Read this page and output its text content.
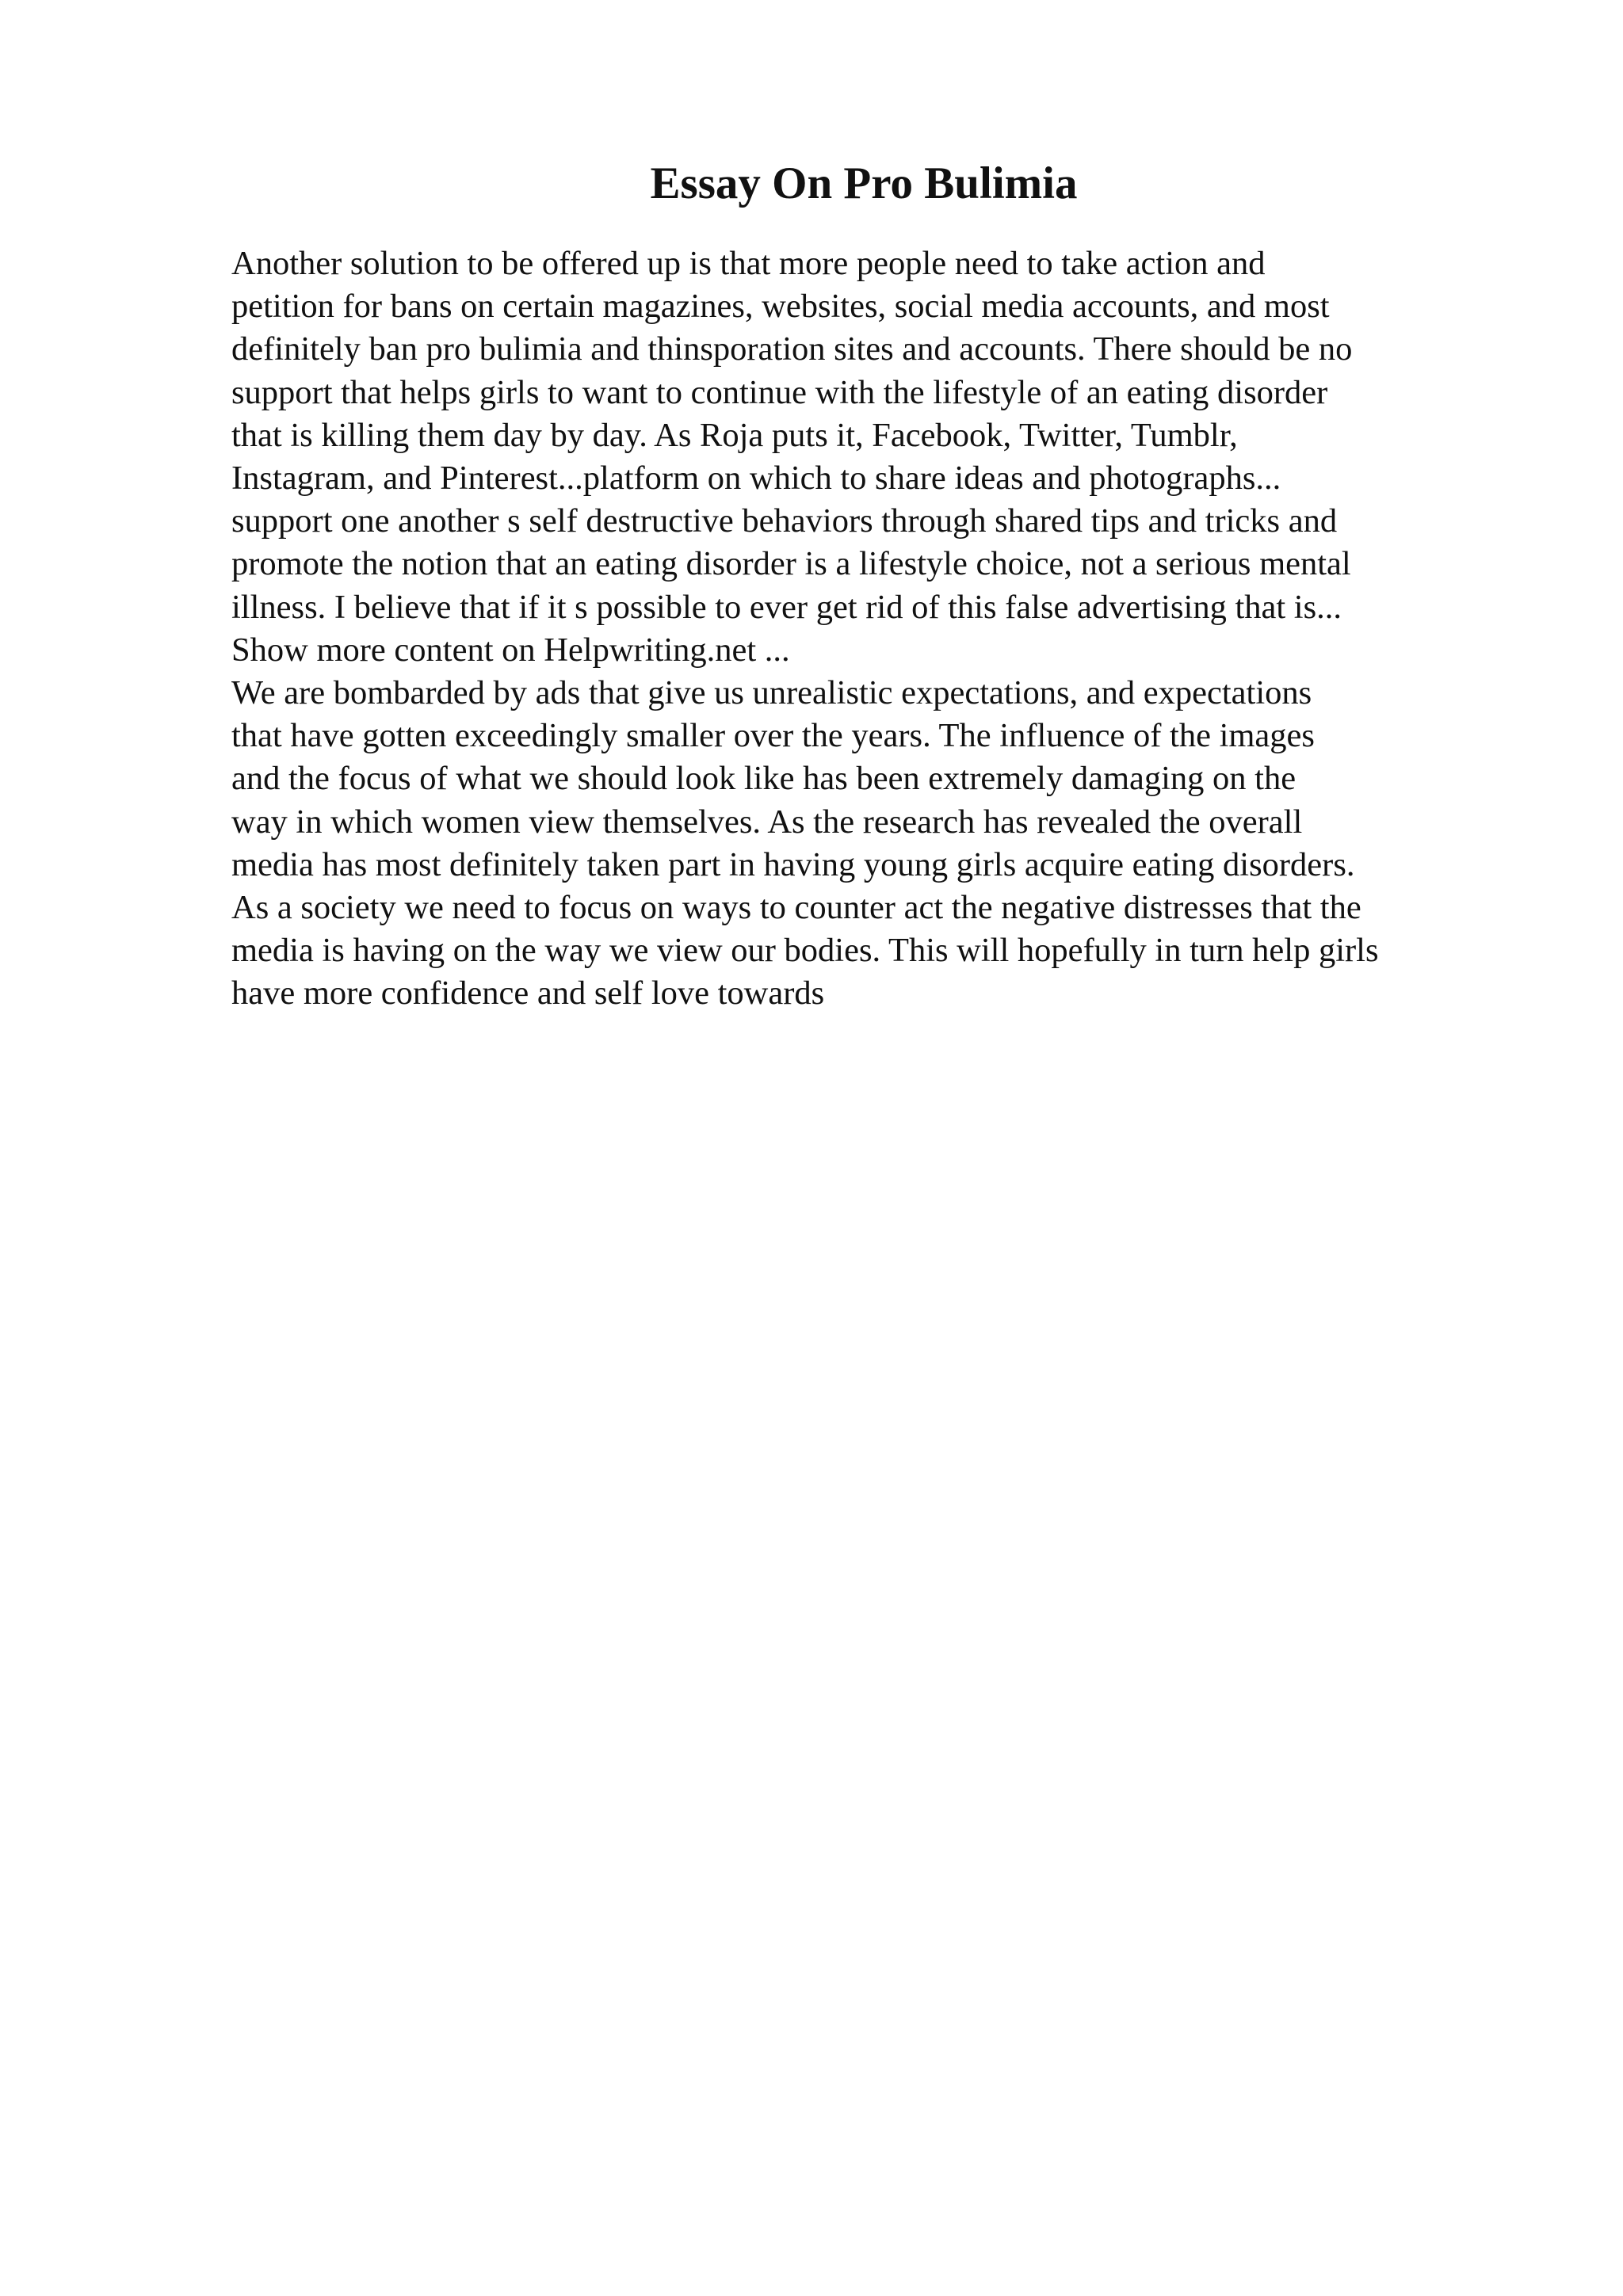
Essay On Pro Bulimia
Another solution to be offered up is that more people need to take action and
petition for bans on certain magazines, websites, social media accounts, and most
definitely ban pro bulimia and thinsporation sites and accounts. There should be no
support that helps girls to want to continue with the lifestyle of an eating disorder
that is killing them day by day. As Roja puts it, Facebook, Twitter, Tumblr,
Instagram, and Pinterest...platform on which to share ideas and photographs...
support one another s self destructive behaviors through shared tips and tricks and
promote the notion that an eating disorder is a lifestyle choice, not a serious mental
illness. I believe that if it s possible to ever get rid of this false advertising that is...
Show more content on Helpwriting.net ...
We are bombarded by ads that give us unrealistic expectations, and expectations
that have gotten exceedingly smaller over the years. The influence of the images
and the focus of what we should look like has been extremely damaging on the
way in which women view themselves. As the research has revealed the overall
media has most definitely taken part in having young girls acquire eating disorders.
As a society we need to focus on ways to counter act the negative distresses that the
media is having on the way we view our bodies. This will hopefully in turn help girls
have more confidence and self love towards
